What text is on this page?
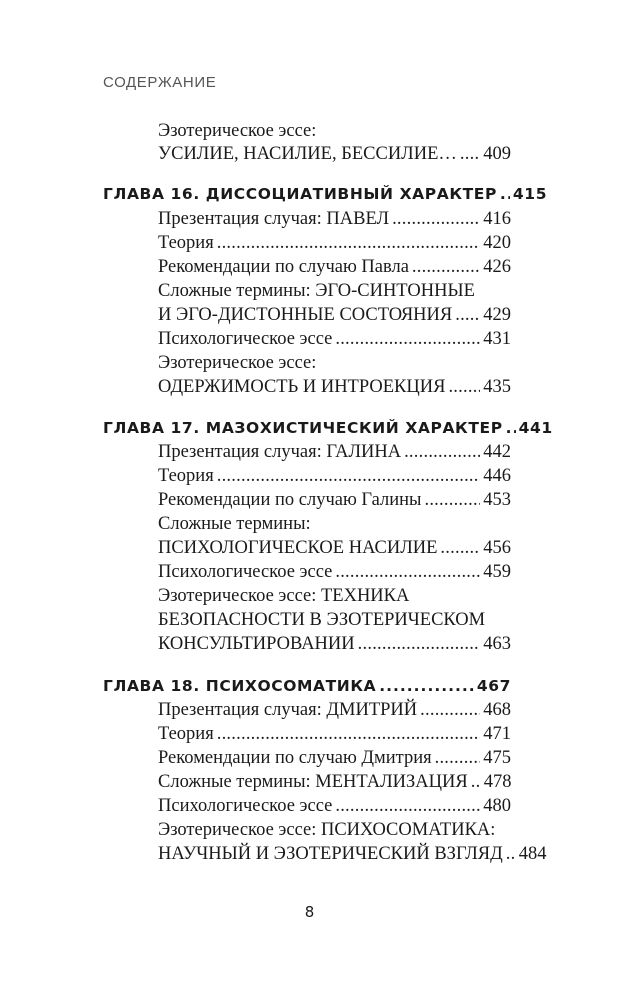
СОДЕРЖАНИЕ
Эзотерическое эссе:
УСИЛИЕ, НАСИЛИЕ, БЕССИЛИЕ… . . . 409
ГЛАВА 16. ДИССОЦИАТИВНЫЙ ХАРАКТЕР . . . 415
Презентация случая: ПАВЕЛ . . .	416
Теория . . .	420
Рекомендации по случаю Павла . . .	426
Сложные термины: ЭГО-СИНТОННЫЕ
И ЭГО-ДИСТОННЫЕ СОСТОЯНИЯ . . . 429
Психологическое эссе . . .	431
Эзотерическое эссе:
ОДЕРЖИМОСТЬ И ИНТРОЕКЦИЯ . . . 435
ГЛАВА 17. МАЗОХИСТИЧЕСКИЙ ХАРАКТЕР . . . 441
Презентация случая: ГАЛИНА . . .	442
Теория . . .	446
Рекомендации по случаю Галины . . .	453
Сложные термины:
ПСИХОЛОГИЧЕСКОЕ НАСИЛИЕ . . . 456
Психологическое эссе . . .	459
Эзотерическое эссе: ТЕХНИКА
БЕЗОПАСНОСТИ В ЭЗОТЕРИЧЕСКОМ
КОНСУЛЬТИРОВАНИИ . . .	463
ГЛАВА 18. ПСИХОСОМАТИКА . . .	467
Презентация случая: ДМИТРИЙ . . .	468
Теория . . .	471
Рекомендации по случаю Дмитрия . . .	475
Сложные термины: МЕНТАЛИЗАЦИЯ . . . 478
Психологическое эссе . . .	480
Эзотерическое эссе: ПСИХОСОМАТИКА:
НАУЧНЫЙ И ЭЗОТЕРИЧЕСКИЙ ВЗГЛЯД . . . 484
8
